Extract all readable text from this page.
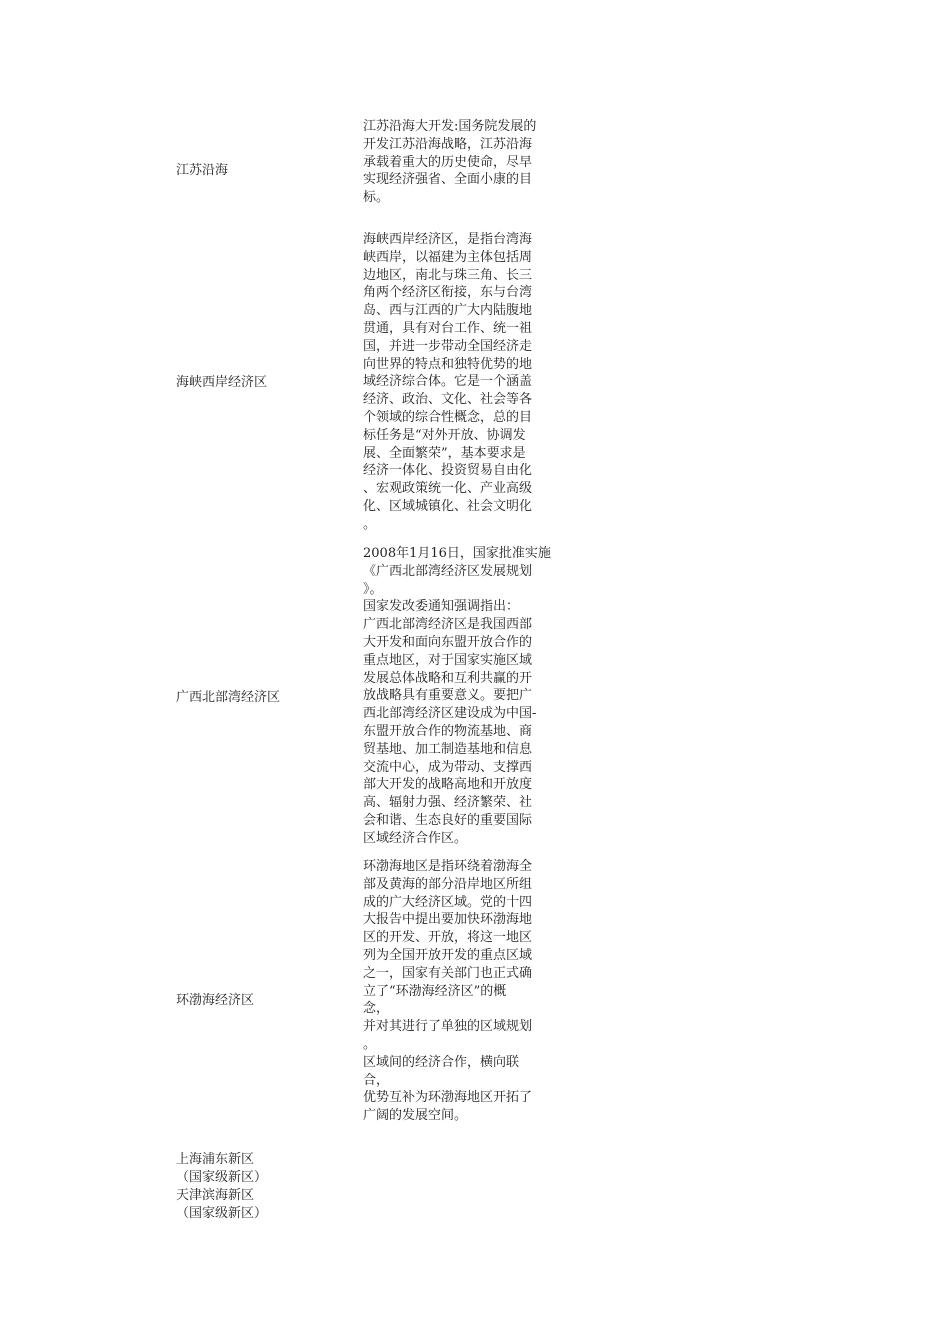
江苏沿海
江苏沿海大开发:国务院发展的
开发江苏沿海战略，江苏沿海
承载着重大的历史使命，尽早
实现经济强省、全面小康的目
标。
海峡西岸经济区
海峡西岸经济区，是指台湾海
峡西岸，以福建为主体包括周
边地区，南北与珠三角、长三
角两个经济区衔接，东与台湾
岛、西与江西的广大内陆腹地
贯通，具有对台工作、统一祖
国，并进一步带动全国经济走
向世界的特点和独特优势的地
域经济综合体。它是一个涵盖
经济、政治、文化、社会等各
个领域的综合性概念，总的目
标任务是“对外开放、协调发
展、全面繁荣”，基本要求是
经济一体化、投资贸易自由化
、宏观政策统一化、产业高级
化、区域城镇化、社会文明化
。
广西北部湾经济区
2008年1月16日，国家批准实施
《广西北部湾经济区发展规划
》。
国家发改委通知强调指出：
广西北部湾经济区是我国西部
大开发和面向东盟开放合作的
重点地区，对于国家实施区域
发展总体战略和互利共赢的开
放战略具有重要意义。要把广
西北部湾经济区建设成为中国-
东盟开放合作的物流基地、商
贸基地、加工制造基地和信息
交流中心，成为带动、支撑西
部大开发的战略高地和开放度
高、辐射力强、经济繁荣、社
会和谐、生态良好的重要国际
区域经济合作区。
环渤海经济区
环渤海地区是指环绕着渤海全
部及黄海的部分沿岸地区所组
成的广大经济区域。党的十四
大报告中提出要加快环渤海地
区的开发、开放，将这一地区
列为全国开放开发的重点区域
之一，国家有关部门也正式确
立了“环渤海经济区”的概
念，
并对其进行了单独的区域规划
。
区域间的经济合作，横向联
合，
优势互补为环渤海地区开拓了
广阔的发展空间。
上海浦东新区
（国家级新区）
天津滨海新区
（国家级新区）
